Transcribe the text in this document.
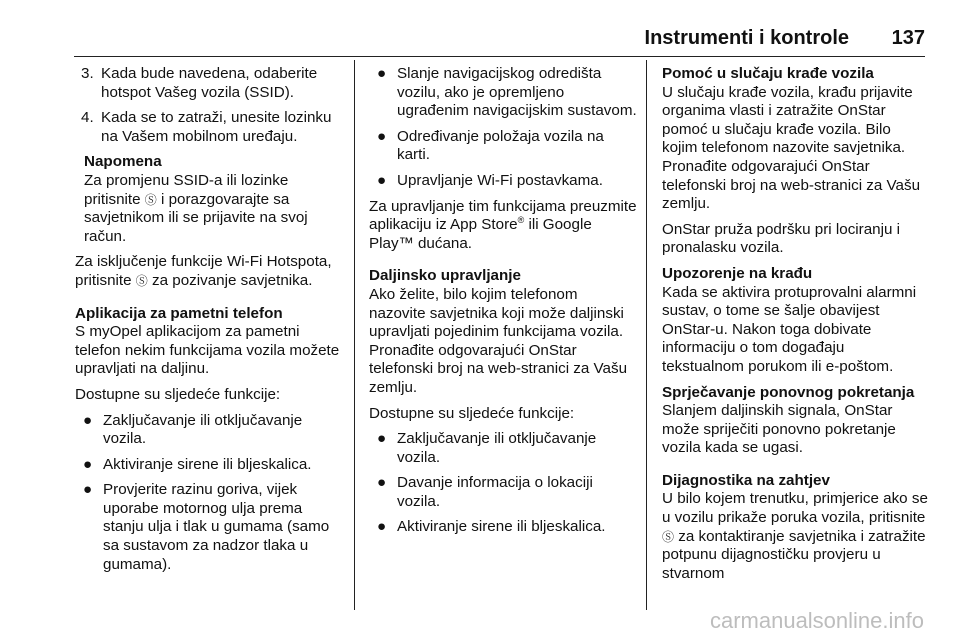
Instrumenti i kontrole 137
3. Kada bude navedena, odaberite hotspot Vašeg vozila (SSID).
4. Kada se to zatraži, unesite lozinku na Vašem mobilnom uređaju.
Napomena
Za promjenu SSID-a ili lozinke pritisnite Ⓢ i porazgovarajte sa savjetnikom ili se prijavite na svoj račun.

Za isključenje funkcije Wi-Fi Hotspota, pritisnite Ⓢ za pozivanje savjetnika.

Aplikacija za pametni telefon

S myOpel aplikacijom za pametni telefon nekim funkcijama vozila možete upravljati na daljinu.

Dostupne su sljedeće funkcije:

● Zaključavanje ili otključavanje vozila.
● Aktiviranje sirene ili bljeskalica.
● Provjerite razinu goriva, vijek uporabe motornog ulja prema stanju ulja i tlak u gumama (samo sa sustavom za nadzor tlaka u gumama).
● Slanje navigacijskog odredišta vozilu, ako je opremljeno ugrađenim navigacijskim sustavom.
● Određivanje položaja vozila na karti.
● Upravljanje Wi-Fi postavkama.

Za upravljanje tim funkcijama preuzmite aplikaciju iz App Store® ili Google Play™ dućana.

Daljinsko upravljanje

Ako želite, bilo kojim telefonom nazovite savjetnika koji može daljinski upravljati pojedinim funkcijama vozila. Pronađite odgovarajući OnStar telefonski broj na web-stranici za Vašu zemlju.

Dostupne su sljedeće funkcije:

● Zaključavanje ili otključavanje vozila.
● Davanje informacija o lokaciji vozila.
● Aktiviranje sirene ili bljeskalica.
Pomoć u slučaju krađe vozila

U slučaju krađe vozila, krađu prijavite organima vlasti i zatražite OnStar pomoć u slučaju krađe vozila. Bilo kojim telefonom nazovite savjetnika. Pronađite odgovarajući OnStar telefonski broj na web-stranici za Vašu zemlju.

OnStar pruža podršku pri lociranju i pronalasku vozila.

Upozorenje na krađu

Kada se aktivira protuprovalni alarmni sustav, o tome se šalje obavijest OnStar-u. Nakon toga dobivate informaciju o tom događaju tekstualnom porukom ili e-poštom.

Sprječavanje ponovnog pokretanja

Slanjem daljinskih signala, OnStar može spriječiti ponovno pokretanje vozila kada se ugasi.

Dijagnostika na zahtjev

U bilo kojem trenutku, primjerice ako se u vozilu prikaže poruka vozila, pritisnite Ⓢ za kontaktiranje savjetnika i zatražite potpunu dijagnostičku provjeru u stvarnom

carmanualsonline.info
